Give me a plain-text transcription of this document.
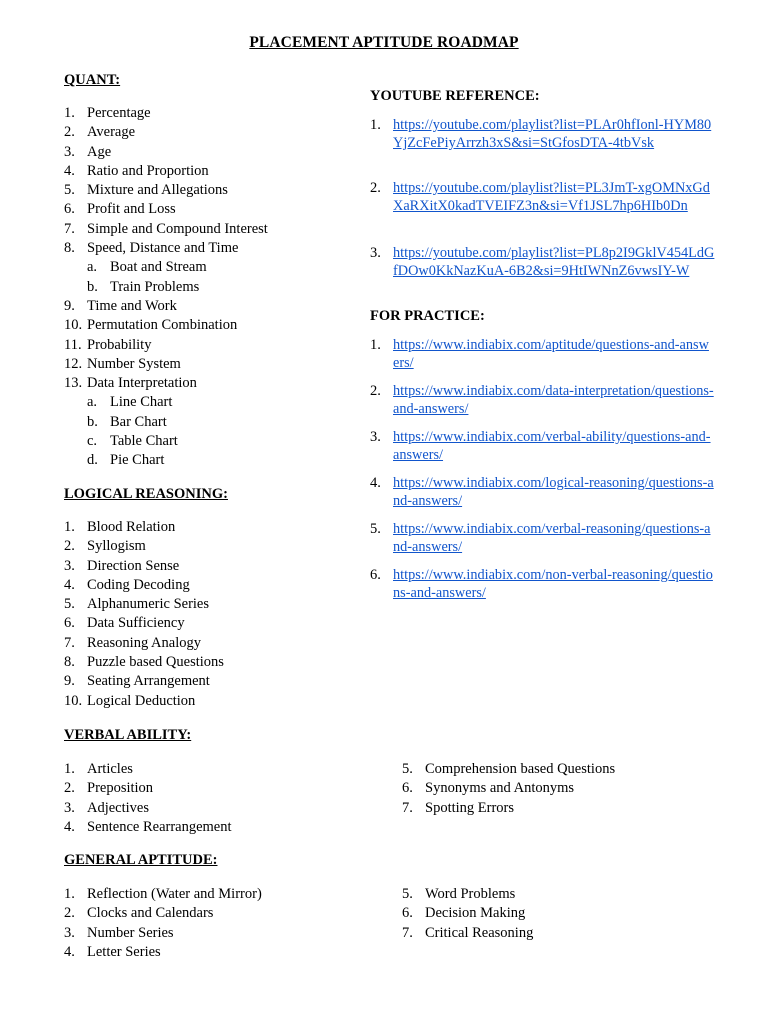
PLACEMENT APTITUDE ROADMAP
QUANT:
1. Percentage
2. Average
3. Age
4. Ratio and Proportion
5. Mixture and Allegations
6. Profit and Loss
7. Simple and Compound Interest
8. Speed, Distance and Time
a. Boat and Stream
b. Train Problems
9. Time and Work
10. Permutation Combination
11. Probability
12. Number System
13. Data Interpretation
a. Line Chart
b. Bar Chart
c. Table Chart
d. Pie Chart
LOGICAL REASONING:
1. Blood Relation
2. Syllogism
3. Direction Sense
4. Coding Decoding
5. Alphanumeric Series
6. Data Sufficiency
7. Reasoning Analogy
8. Puzzle based Questions
9. Seating Arrangement
10. Logical Deduction
VERBAL ABILITY:
1. Articles
2. Preposition
3. Adjectives
4. Sentence Rearrangement
5. Comprehension based Questions
6. Synonyms and Antonyms
7. Spotting Errors
GENERAL APTITUDE:
1. Reflection (Water and Mirror)
2. Clocks and Calendars
3. Number Series
4. Letter Series
5. Word Problems
6. Decision Making
7. Critical Reasoning
YOUTUBE REFERENCE:
1. https://youtube.com/playlist?list=PLAr0hfIonl-HYM80YjZcFePiyArrzh3xS&si=StGfosDTA-4tbVsk
2. https://youtube.com/playlist?list=PL3JmT-xgOMNxGdXaRXitX0kadTVEIFZ3n&si=Vf1JSL7hp6HIb0Dn
3. https://youtube.com/playlist?list=PL8p2I9GklV454LdGfDOw0KkNazKuA-6B2&si=9HtIWNnZ6vwsIY-W
FOR PRACTICE:
1. https://www.indiabix.com/aptitude/questions-and-answers/
2. https://www.indiabix.com/data-interpretation/questions-and-answers/
3. https://www.indiabix.com/verbal-ability/questions-and-answers/
4. https://www.indiabix.com/logical-reasoning/questions-and-answers/
5. https://www.indiabix.com/verbal-reasoning/questions-and-answers/
6. https://www.indiabix.com/non-verbal-reasoning/questions-and-answers/
